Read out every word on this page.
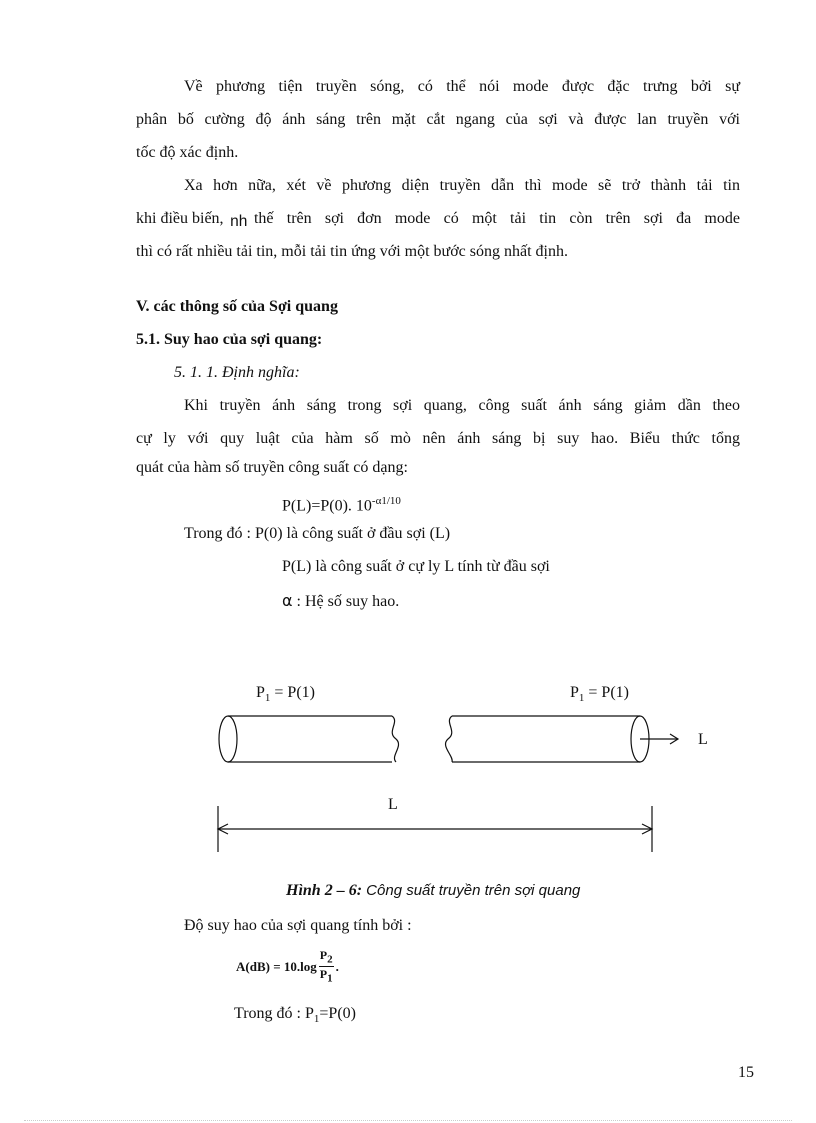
Về phương tiện truyền sóng, có thể nói mode được đặc trưng bởi sự
phân bố cường độ ánh sáng trên mặt cắt ngang của sợi và được lan truyền với
tốc độ xác định.
Xa hơn nữa, xét về phương diện truyền dẫn thì mode sẽ trở thành tải tin
khi điều biến, nh thế trên sợi đơn mode có một tải tin còn trên sợi đa mode
thì có rất nhiều tải tin, mỗi tải tin ứng với một bước sóng nhất định.
V. các thông số của Sợi quang
5.1. Suy hao của sợi quang:
5. 1. 1. Định nghĩa:
Khi truyền ánh sáng trong sợi quang, công suất ánh sáng giảm dần theo
cự ly với quy luật của hàm số mò nên ánh sáng bị suy hao. Biểu thức tổng
quát của hàm số truyền công suất có dạng:
P(L)=P(0). $10^{-\alpha 1/10}$
Trong đó : P(0) là công suất ở đầu sợi (L)
P(L) là công suất ở cự ly L tính từ đầu sợi
α : Hệ số suy hao.
$P_1 = P(1)$	$P_1 = P(1)$
L
L
Hình 2 – 6: Công suất truyền trên sợi quang
Độ suy hao của sợi quang tính bởi :
$A(dB) = 10.\log \frac{P_2}{P_1}$ .
Trong đó : $P_1=P(0)$
15
